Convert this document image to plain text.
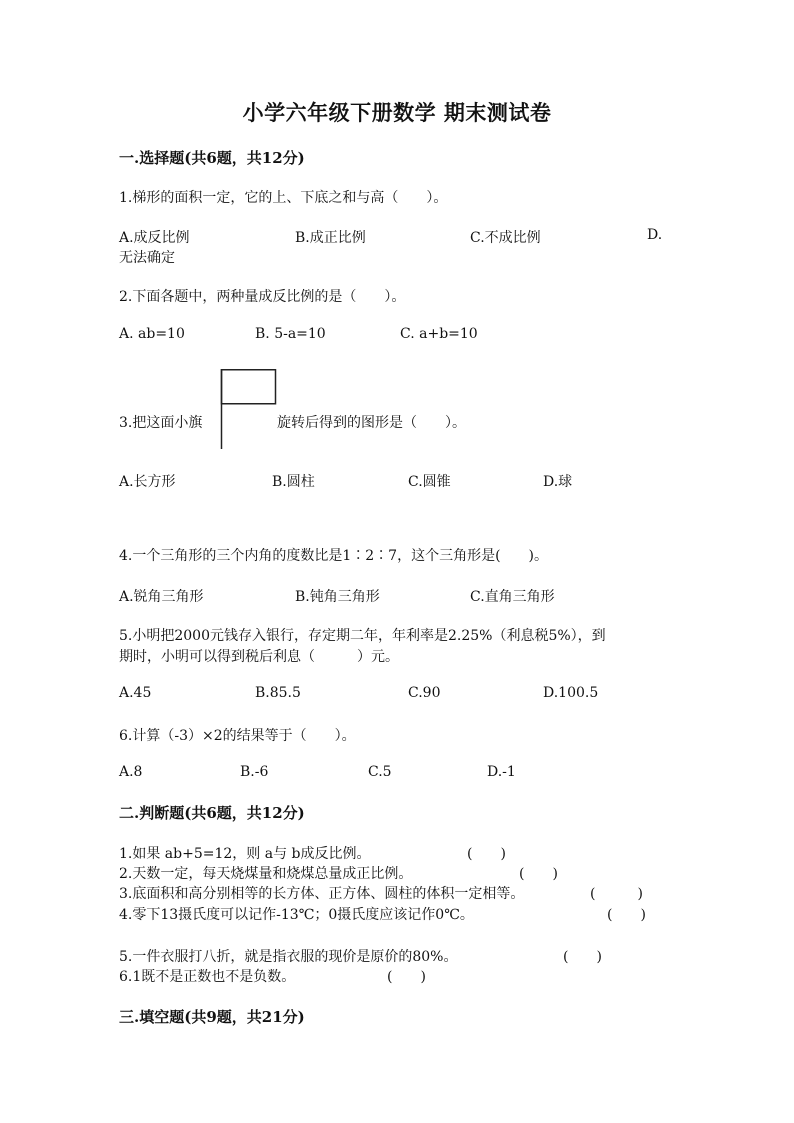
小学六年级下册数学 期末测试卷
一.选择题(共6题，共12分)
1.梯形的面积一定，它的上、下底之和与高（　　）。
A.成反比例	B.成正比例	C.不成比例	D.
无法确定
2.下面各题中，两种量成反比例的是（　　）。
A. ab=10	B. 5-a=10	C. a+b=10
3.把这面小旗	旋转后得到的图形是（　　）。
A.长方形	B.圆柱	C.圆锥	D.球
4.一个三角形的三个内角的度数比是1∶2∶7，这个三角形是(　　)。
A.锐角三角形	B.钝角三角形	C.直角三角形
5.小明把2000元钱存入银行，存定期二年，年利率是2.25%（利息税5%），到
期时，小明可以得到税后利息（　　　）元。
A.45	B.85.5	C.90	D.100.5
6.计算（-3）×2的结果等于（　　）。
A.8	B.-6	C.5	D.-1
二.判断题(共6题，共12分)
1.如果 ab+5=12，则 a与 b成反比例。	(　　)
2.天数一定，每天烧煤量和烧煤总量成正比例。	(　　)
3.底面积和高分别相等的长方体、正方体、圆柱的体积一定相等。	(　　　)
4.零下13摄氏度可以记作-13℃；0摄氏度应该记作0℃。	(　　)
5.一件衣服打八折，就是指衣服的现价是原价的80%。	(　　)
6.1既不是正数也不是负数。	(　　)
三.填空题(共9题，共21分)
